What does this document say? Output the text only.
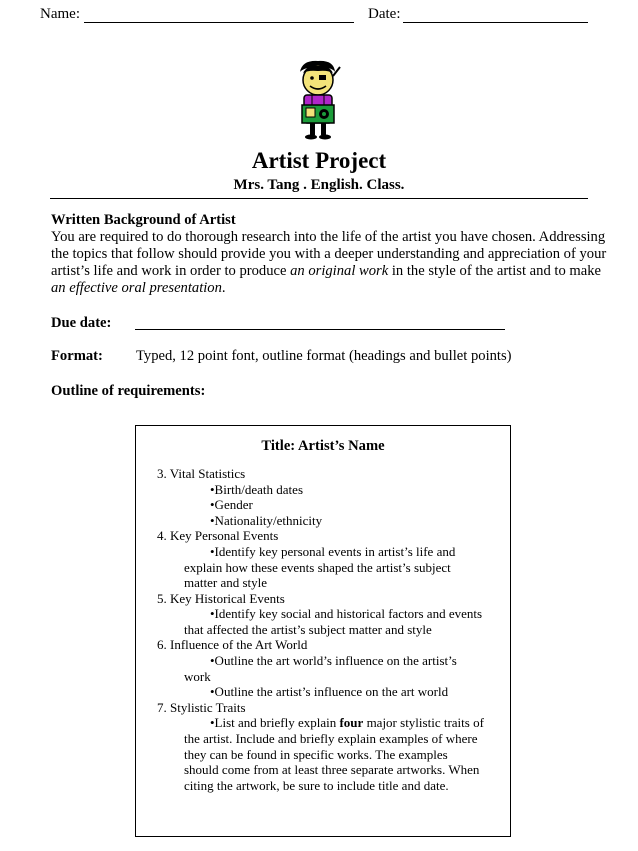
Name:	Date:
Artist Project
Mrs. Tang . English. Class.
Written Background of Artist
You are required to do thorough research into the life of the artist you have chosen. Addressing
the topics that follow should provide you with a deeper understanding and appreciation of your
artist’s life and work in order to produce an original work in the style of the artist and to make
an effective oral presentation.
Due date:
Format: Typed, 12 point font, outline format (headings and bullet points)
Outline of requirements:
Title: Artist’s Name
3. Vital Statistics
•Birth/death dates
•Gender
•Nationality/ethnicity
4. Key Personal Events
•Identify key personal events in artist’s life and
explain how these events shaped the artist’s subject
matter and style
5. Key Historical Events
•Identify key social and historical factors and events
that affected the artist’s subject matter and style
6. Influence of the Art World
•Outline the art world’s influence on the artist’s
work
•Outline the artist’s influence on the art world
7. Stylistic Traits
•List and briefly explain four major stylistic traits of
the artist. Include and briefly explain examples of where
they can be found in specific works. The examples
should come from at least three separate artworks. When
citing the artwork, be sure to include title and date.
